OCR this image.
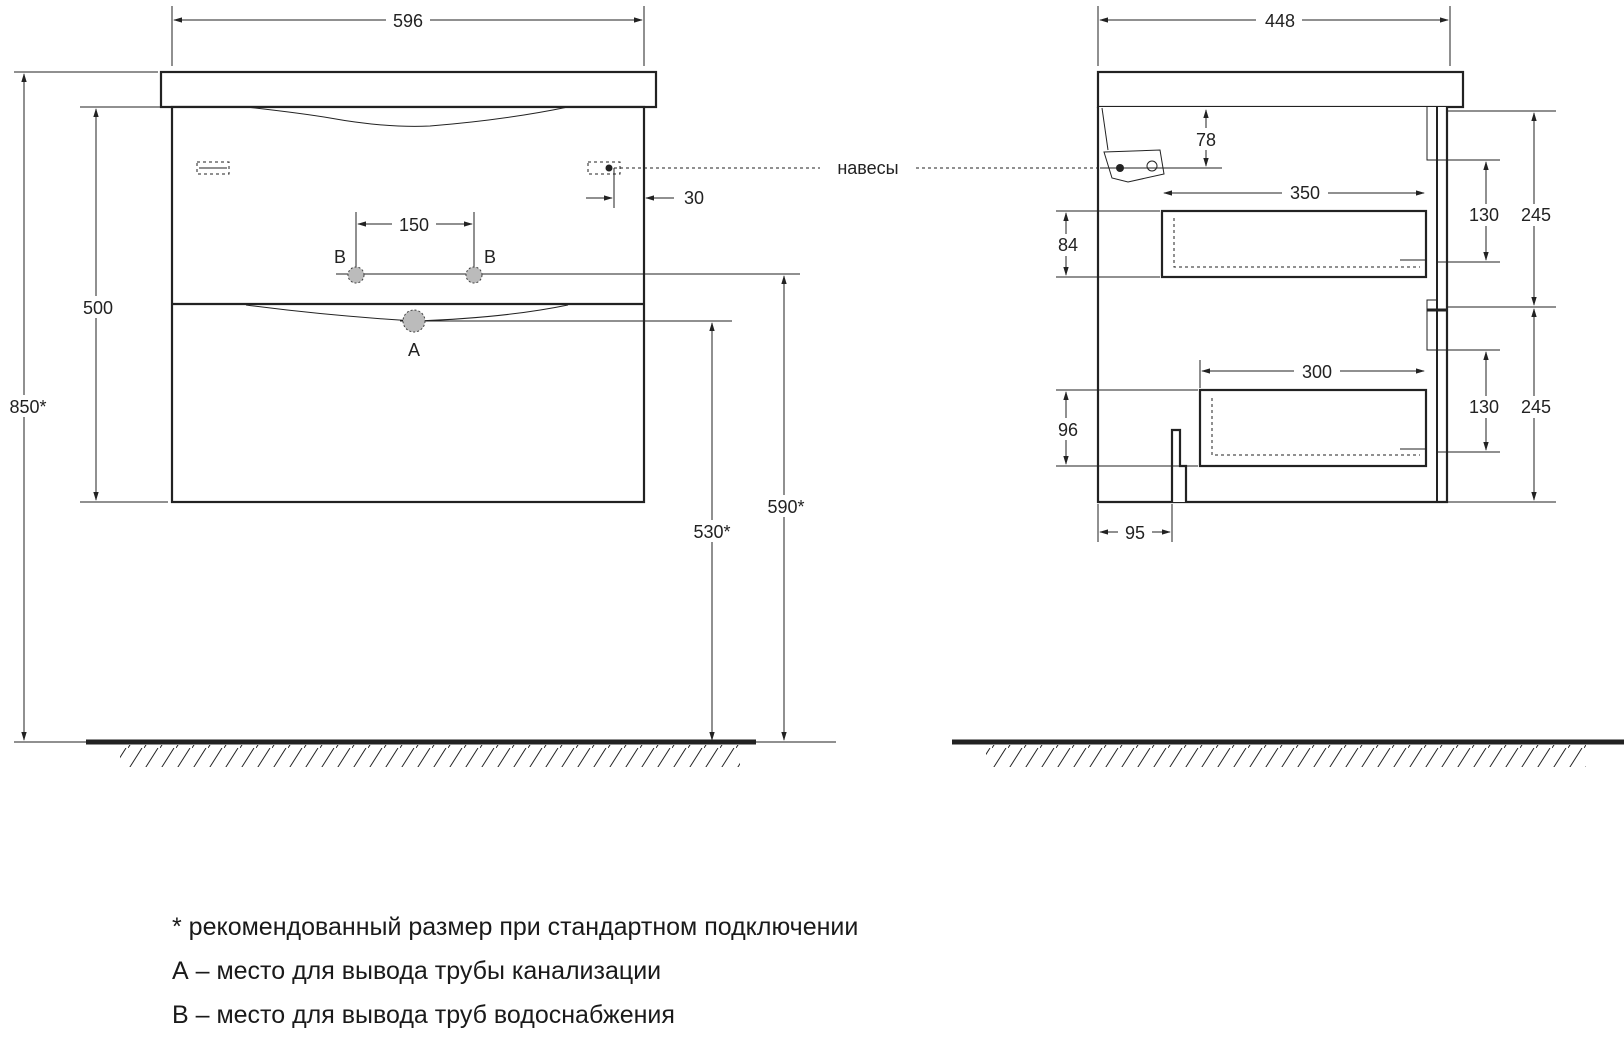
596
850*
500
30
150
B	B
A
530*
590*
навесы
448
78
350
84
300
96
130
130
245
245
95
* рекомендованный размер при стандартном подключении
А – место для вывода трубы канализации
В – место для вывода труб водоснабжения
